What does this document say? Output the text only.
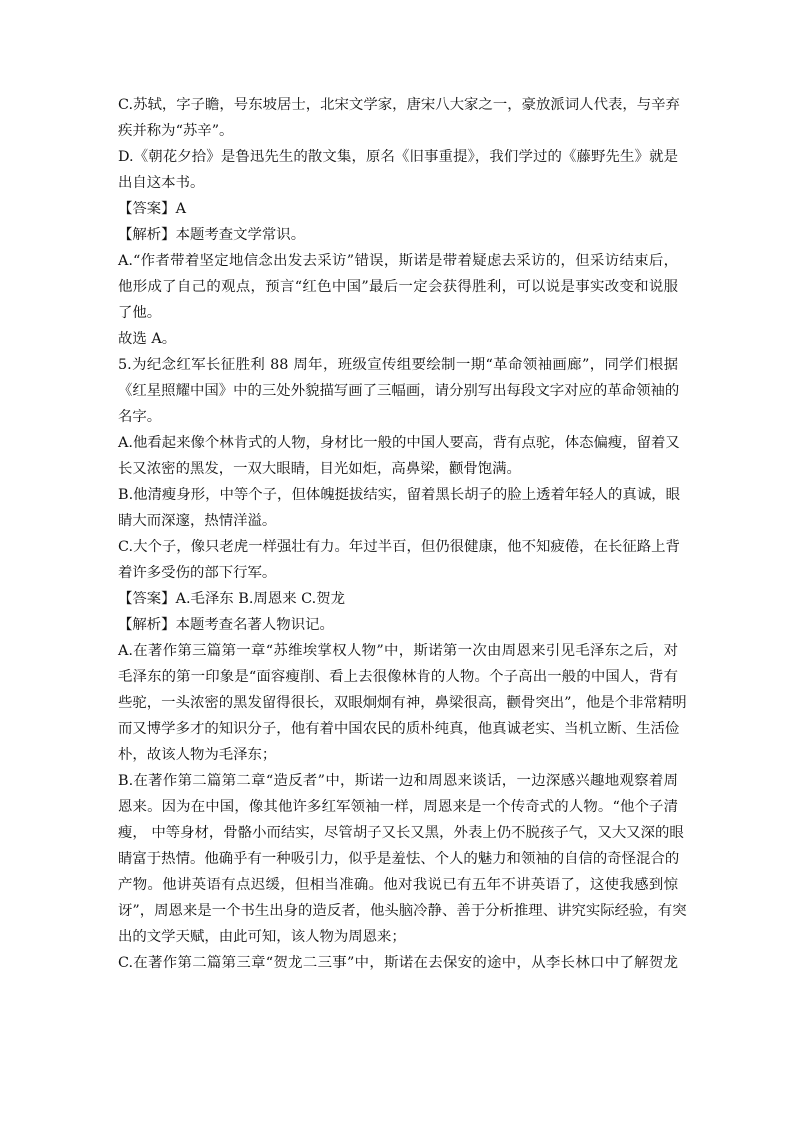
C.苏轼，字子瞻，号东坡居士，北宋文学家，唐宋八大家之一，豪放派词人代表，与辛弃
疾并称为“苏辛”。
D.《朝花夕拾》是鲁迅先生的散文集，原名《旧事重提》，我们学过的《藤野先生》就是
出自这本书。
【答案】A
【解析】本题考查文学常识。
A.“作者带着坚定地信念出发去采访”错误，斯诺是带着疑虑去采访的，但采访结束后，
他形成了自己的观点，预言“红色中国”最后一定会获得胜利，可以说是事实改变和说服
了他。
故选 A。
5.为纪念红军长征胜利 88 周年，班级宣传组要绘制一期“革命领袖画廊”，同学们根据
《红星照耀中国》中的三处外貌描写画了三幅画，请分别写出每段文字对应的革命领袖的
名字。
A.他看起来像个林肯式的人物，身材比一般的中国人要高，背有点驼，体态偏瘦，留着又
长又浓密的黑发，一双大眼睛，目光如炬，高鼻梁，颧骨饱满。
B.他清瘦身形，中等个子，但体魄挺拔结实，留着黑长胡子的脸上透着年轻人的真诚，眼
睛大而深邃，热情洋溢。
C.大个子，像只老虎一样强壮有力。年过半百，但仍很健康，他不知疲倦，在长征路上背
着许多受伤的部下行军。
【答案】A.毛泽东 B.周恩来 C.贺龙
【解析】本题考查名著人物识记。
A.在著作第三篇第一章“苏维埃掌权人物”中，斯诺第一次由周恩来引见毛泽东之后，对
毛泽东的第一印象是“面容瘦削、看上去很像林肯的人物。个子高出一般的中国人，背有
些驼，一头浓密的黑发留得很长，双眼炯炯有神，鼻梁很高，颧骨突出”，他是个非常精明
而又博学多才的知识分子，他有着中国农民的质朴纯真，他真诚老实、当机立断、生活俭
朴，故该人物为毛泽东；
B.在著作第二篇第二章“造反者”中，斯诺一边和周恩来谈话，一边深感兴趣地观察着周
恩来。因为在中国，像其他许多红军领袖一样，周恩来是一个传奇式的人物。“他个子清
瘦， 中等身材，骨骼小而结实，尽管胡子又长又黑，外表上仍不脱孩子气，又大又深的眼
睛富于热情。他确乎有一种吸引力，似乎是羞怯、个人的魅力和领袖的自信的奇怪混合的
产物。他讲英语有点迟缓，但相当准确。他对我说已有五年不讲英语了，这使我感到惊
讶”，周恩来是一个书生出身的造反者，他头脑冷静、善于分析推理、讲究实际经验，有突
出的文学天赋，由此可知，该人物为周恩来；
C.在著作第二篇第三章“贺龙二三事”中，斯诺在去保安的途中，从李长林口中了解贺龙
